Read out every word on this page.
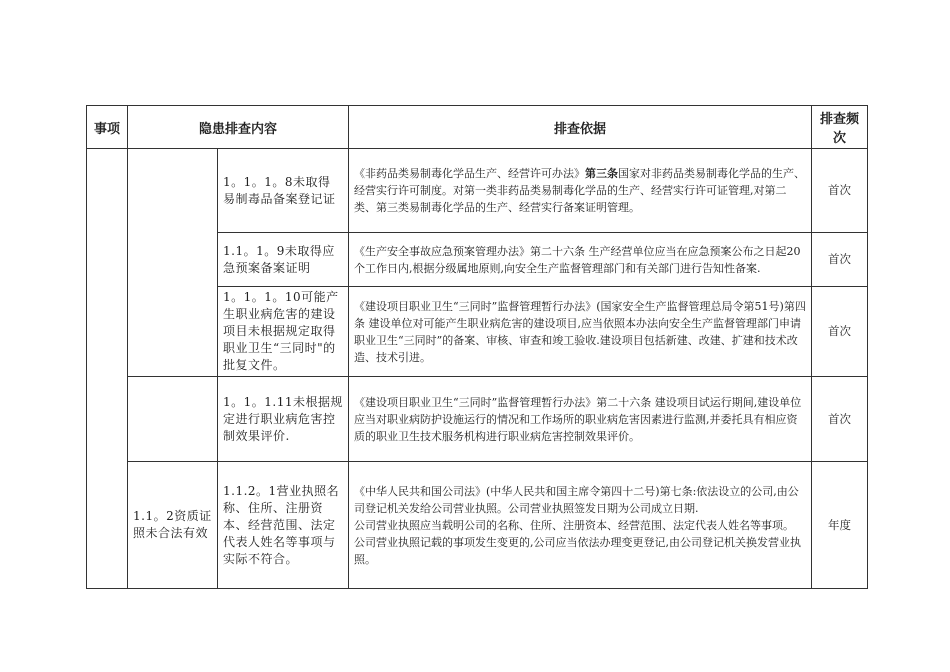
事项	隐患排查内容		排查依据	排查频次
		1。1。1。8未取得易制毒品备案登记证	《非药品类易制毒化学品生产、经营许可办法》第三条国家对非药品类易制毒化学品的生产、经营实行许可制度。对第一类非药品类易制毒化学品的生产、经营实行许可证管理,对第二类、第三类易制毒化学品的生产、经营实行备案证明管理。	首次
		1.1。1。9未取得应急预案备案证明	《生产安全事故应急预案管理办法》第二十六条 生产经营单位应当在应急预案公布之日起20个工作日内,根据分级属地原则,向安全生产监督管理部门和有关部门进行告知性备案.	首次
		1。1。1。10可能产生职业病危害的建设项目未根据规定取得职业卫生“三同时"的批复文件。	《建设项目职业卫生“三同时”监督管理暂行办法》(国家安全生产监督管理总局令第51号)第四条 建设单位对可能产生职业病危害的建设项目,应当依照本办法向安全生产监督管理部门申请职业卫生“三同时”的备案、审核、审查和竣工验收.建设项目包括新建、改建、扩建和技术改造、技术引进。	首次
		1。1。1.11未根据规定进行职业病危害控制效果评价.	《建设项目职业卫生“三同时”监督管理暂行办法》第二十六条 建设项目试运行期间,建设单位应当对职业病防护设施运行的情况和工作场所的职业病危害因素进行监测,并委托具有相应资质的职业卫生技术服务机构进行职业病危害控制效果评价。	首次
	1.1。2资质证照未合法有效	1.1.2。1营业执照名称、住所、注册资本、经营范围、法定代表人姓名等事项与实际不符合。	《中华人民共和国公司法》(中华人民共和国主席令第四十二号)第七条:依法设立的公司,由公司登记机关发给公司营业执照。公司营业执照签发日期为公司成立日期.
公司营业执照应当载明公司的名称、住所、注册资本、经营范围、法定代表人姓名等事项。
公司营业执照记载的事项发生变更的,公司应当依法办理变更登记,由公司登记机关换发营业执照。	年度
